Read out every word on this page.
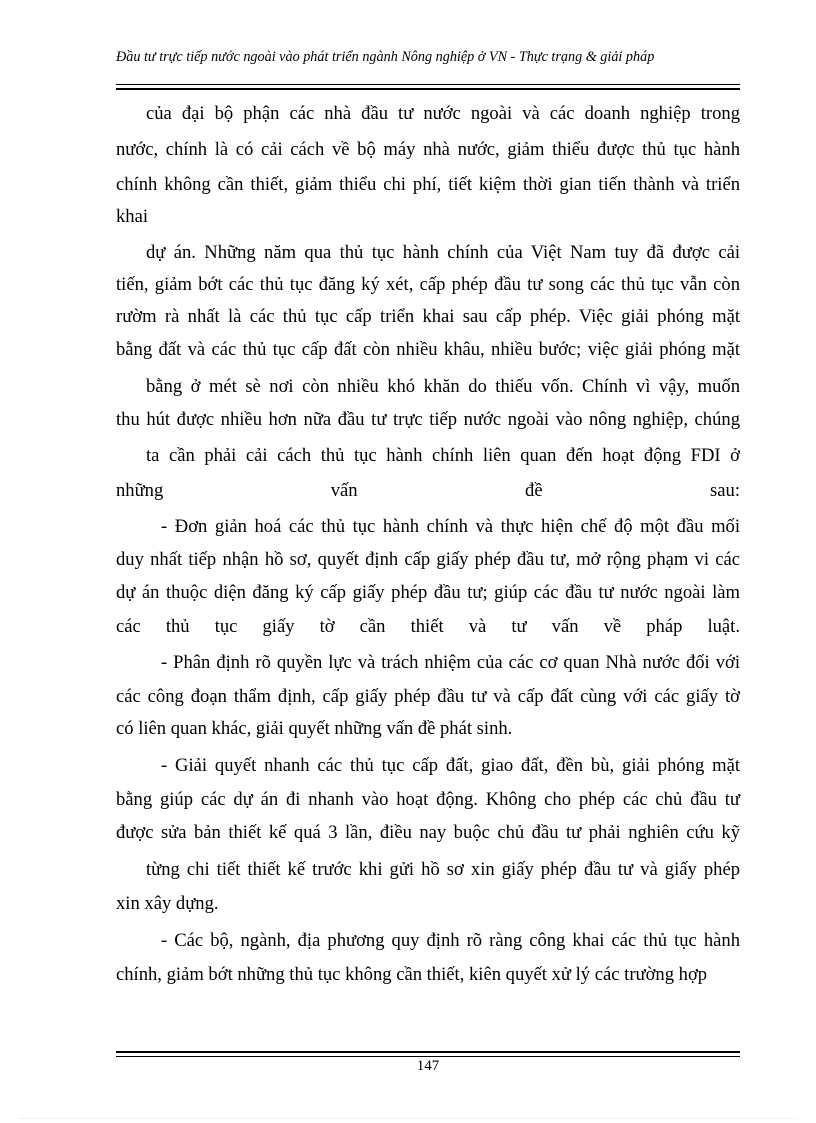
Đầu tư trực tiếp nước ngoài vào phát triển ngành Nông nghiệp ở VN - Thực trạng & giải pháp
của đại bộ phận các nhà đầu tư nước ngoài và các doanh nghiệp trong
nước, chính là có cải cách về bộ máy nhà nước, giảm thiểu được thủ tục hành
chính không cần thiết, giảm thiểu chi phí, tiết kiệm thời gian tiến thành và triển
khai
dự án. Những năm qua thủ tục hành chính của Việt Nam tuy đã được cải
tiến, giảm bớt các thủ tục đăng ký xét, cấp phép đầu tư song các thủ tục vẫn còn
rườm rà nhất là các thủ tục cấp triển khai sau cấp phép. Việc giải phóng mặt
bằng đất và các thủ tục cấp đất còn nhiều khâu, nhiều bước; việc giải phóng mặt
bằng ở mét sè nơi còn nhiều khó khăn do thiếu vốn. Chính vì vậy, muốn
thu hút được nhiều hơn nữa đầu tư trực tiếp nước ngoài vào nông nghiệp, chúng
ta cần phải cải cách thủ tục hành chính liên quan đến hoạt động FDI ở
những vấn đề sau:
- Đơn giản hoá các thủ tục hành chính và thực hiện chế độ một đầu mối
duy nhất tiếp nhận hồ sơ, quyết định cấp giấy phép đầu tư, mở rộng phạm vi các
dự án thuộc diện đăng ký cấp giấy phép đầu tư; giúp các đầu tư nước ngoài làm
các thủ tục giấy tờ cần thiết và tư vấn về pháp luật.
- Phân định rõ quyền lực và trách nhiệm của các cơ quan Nhà nước đối với
các công đoạn thẩm định, cấp giấy phép đầu tư và cấp đất cùng với các giấy tờ
có liên quan khác, giải quyết những vấn đề phát sinh.
- Giải quyết nhanh các thủ tục cấp đất, giao đất, đền bù, giải phóng mặt
bằng giúp các dự án đi nhanh vào hoạt động. Không cho phép các chủ đầu tư
được sửa bản thiết kế quá 3 lần, điều nay buộc chủ đầu tư phải nghiên cứu kỹ
từng chi tiết thiết kế trước khi gửi hồ sơ xin giấy phép đầu tư và giấy phép
xin xây dựng.
- Các bộ, ngành, địa phương quy định rõ ràng công khai các thủ tục hành
chính, giảm bớt những thủ tục không cần thiết, kiên quyết xử lý các trường hợp
147
